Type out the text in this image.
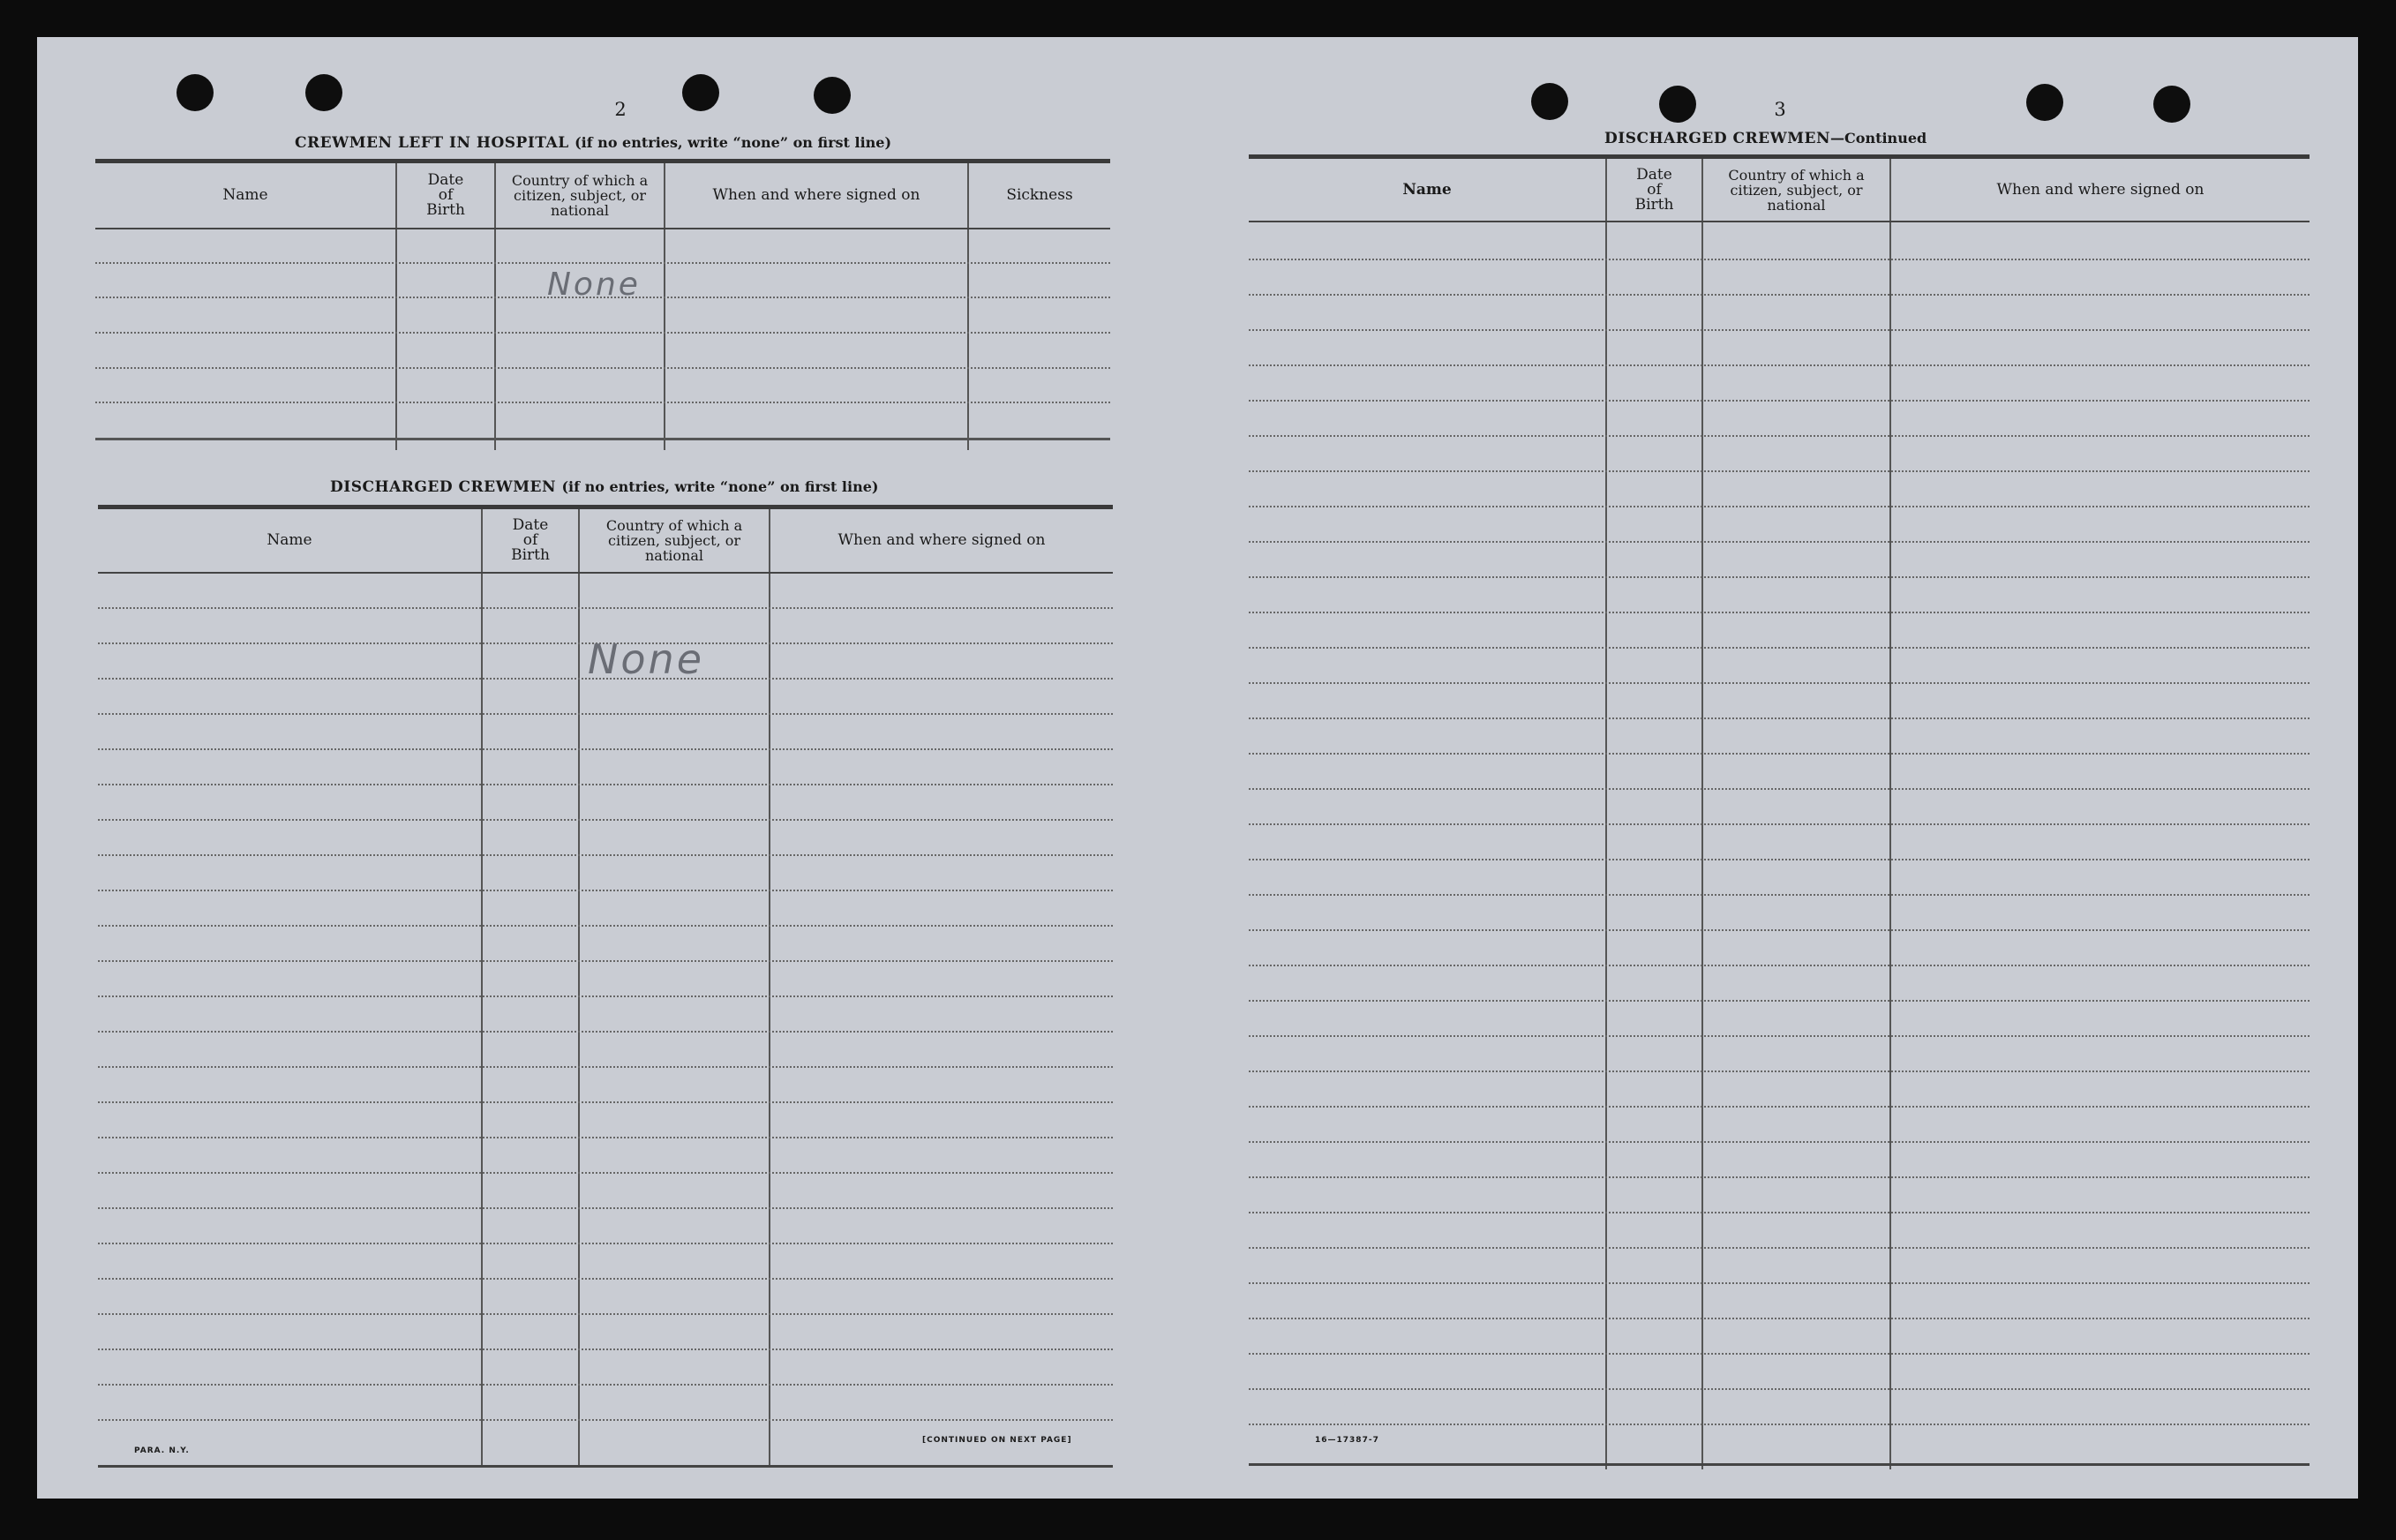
2
CREWMEN LEFT IN HOSPITAL (if no entries, write “none” on first line)
Name
Date
of
Birth
Country of which a
citizen, subject, or
national
When and where signed on	Sickness
None
DISCHARGED CREWMEN (if no entries, write “none” on first line)
Name
Date
of
Birth
Country of which a
citizen, subject, or
national
When and where signed on
None
PARA. N.Y.
[CONTINUED ON NEXT PAGE]
3
DISCHARGED CREWMEN—Continued
Name
Date
of
Birth
Country of which a
citizen, subject, or
national
When and where signed on
16—17387-7
